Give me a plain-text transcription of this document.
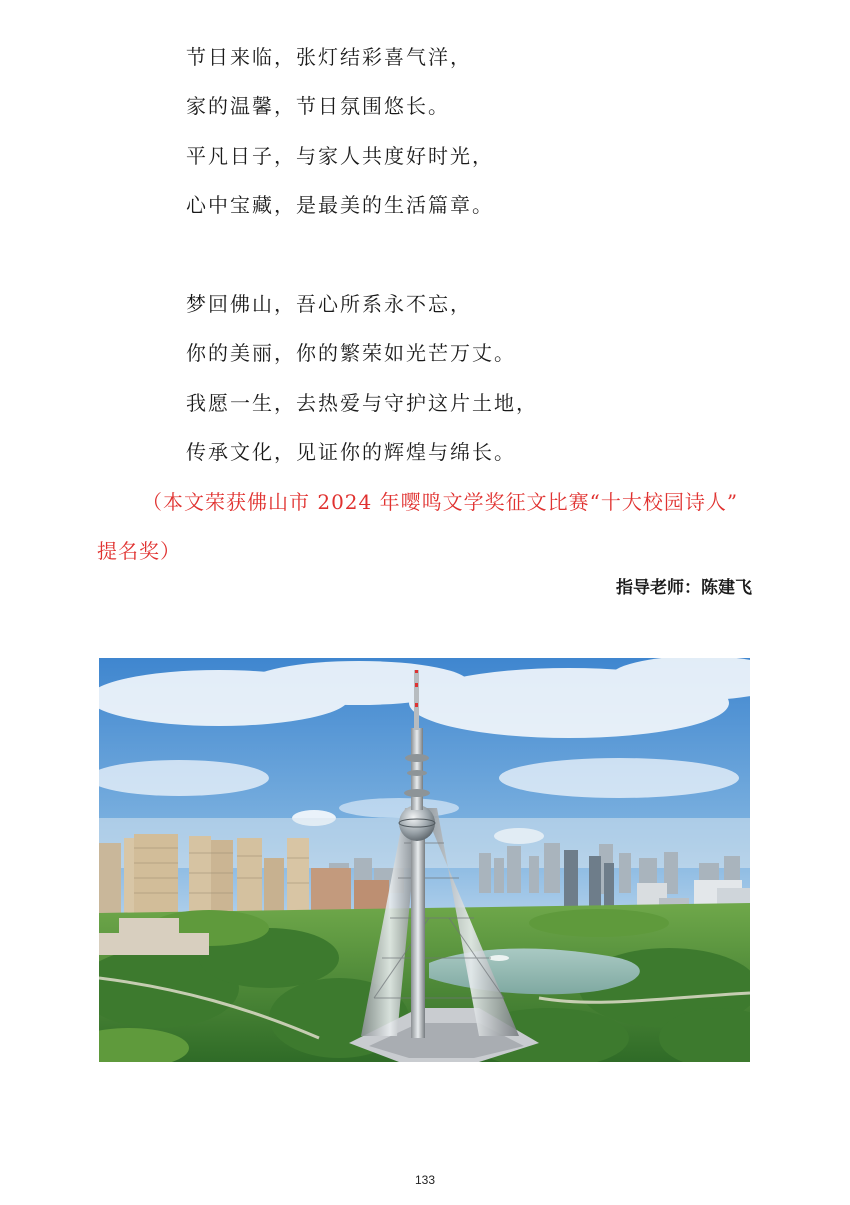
节日来临，张灯结彩喜气洋，
家的温馨，节日氛围悠长。
平凡日子，与家人共度好时光，
心中宝藏，是最美的生活篇章。
梦回佛山，吾心所系永不忘，
你的美丽，你的繁荣如光芒万丈。
我愿一生，去热爱与守护这片土地，
传承文化，见证你的辉煌与绵长。
（本文荣获佛山市 2024 年嘤鸣文学奖征文比赛“十大校园诗人”
提名奖）
指导老师：陈建飞
133
